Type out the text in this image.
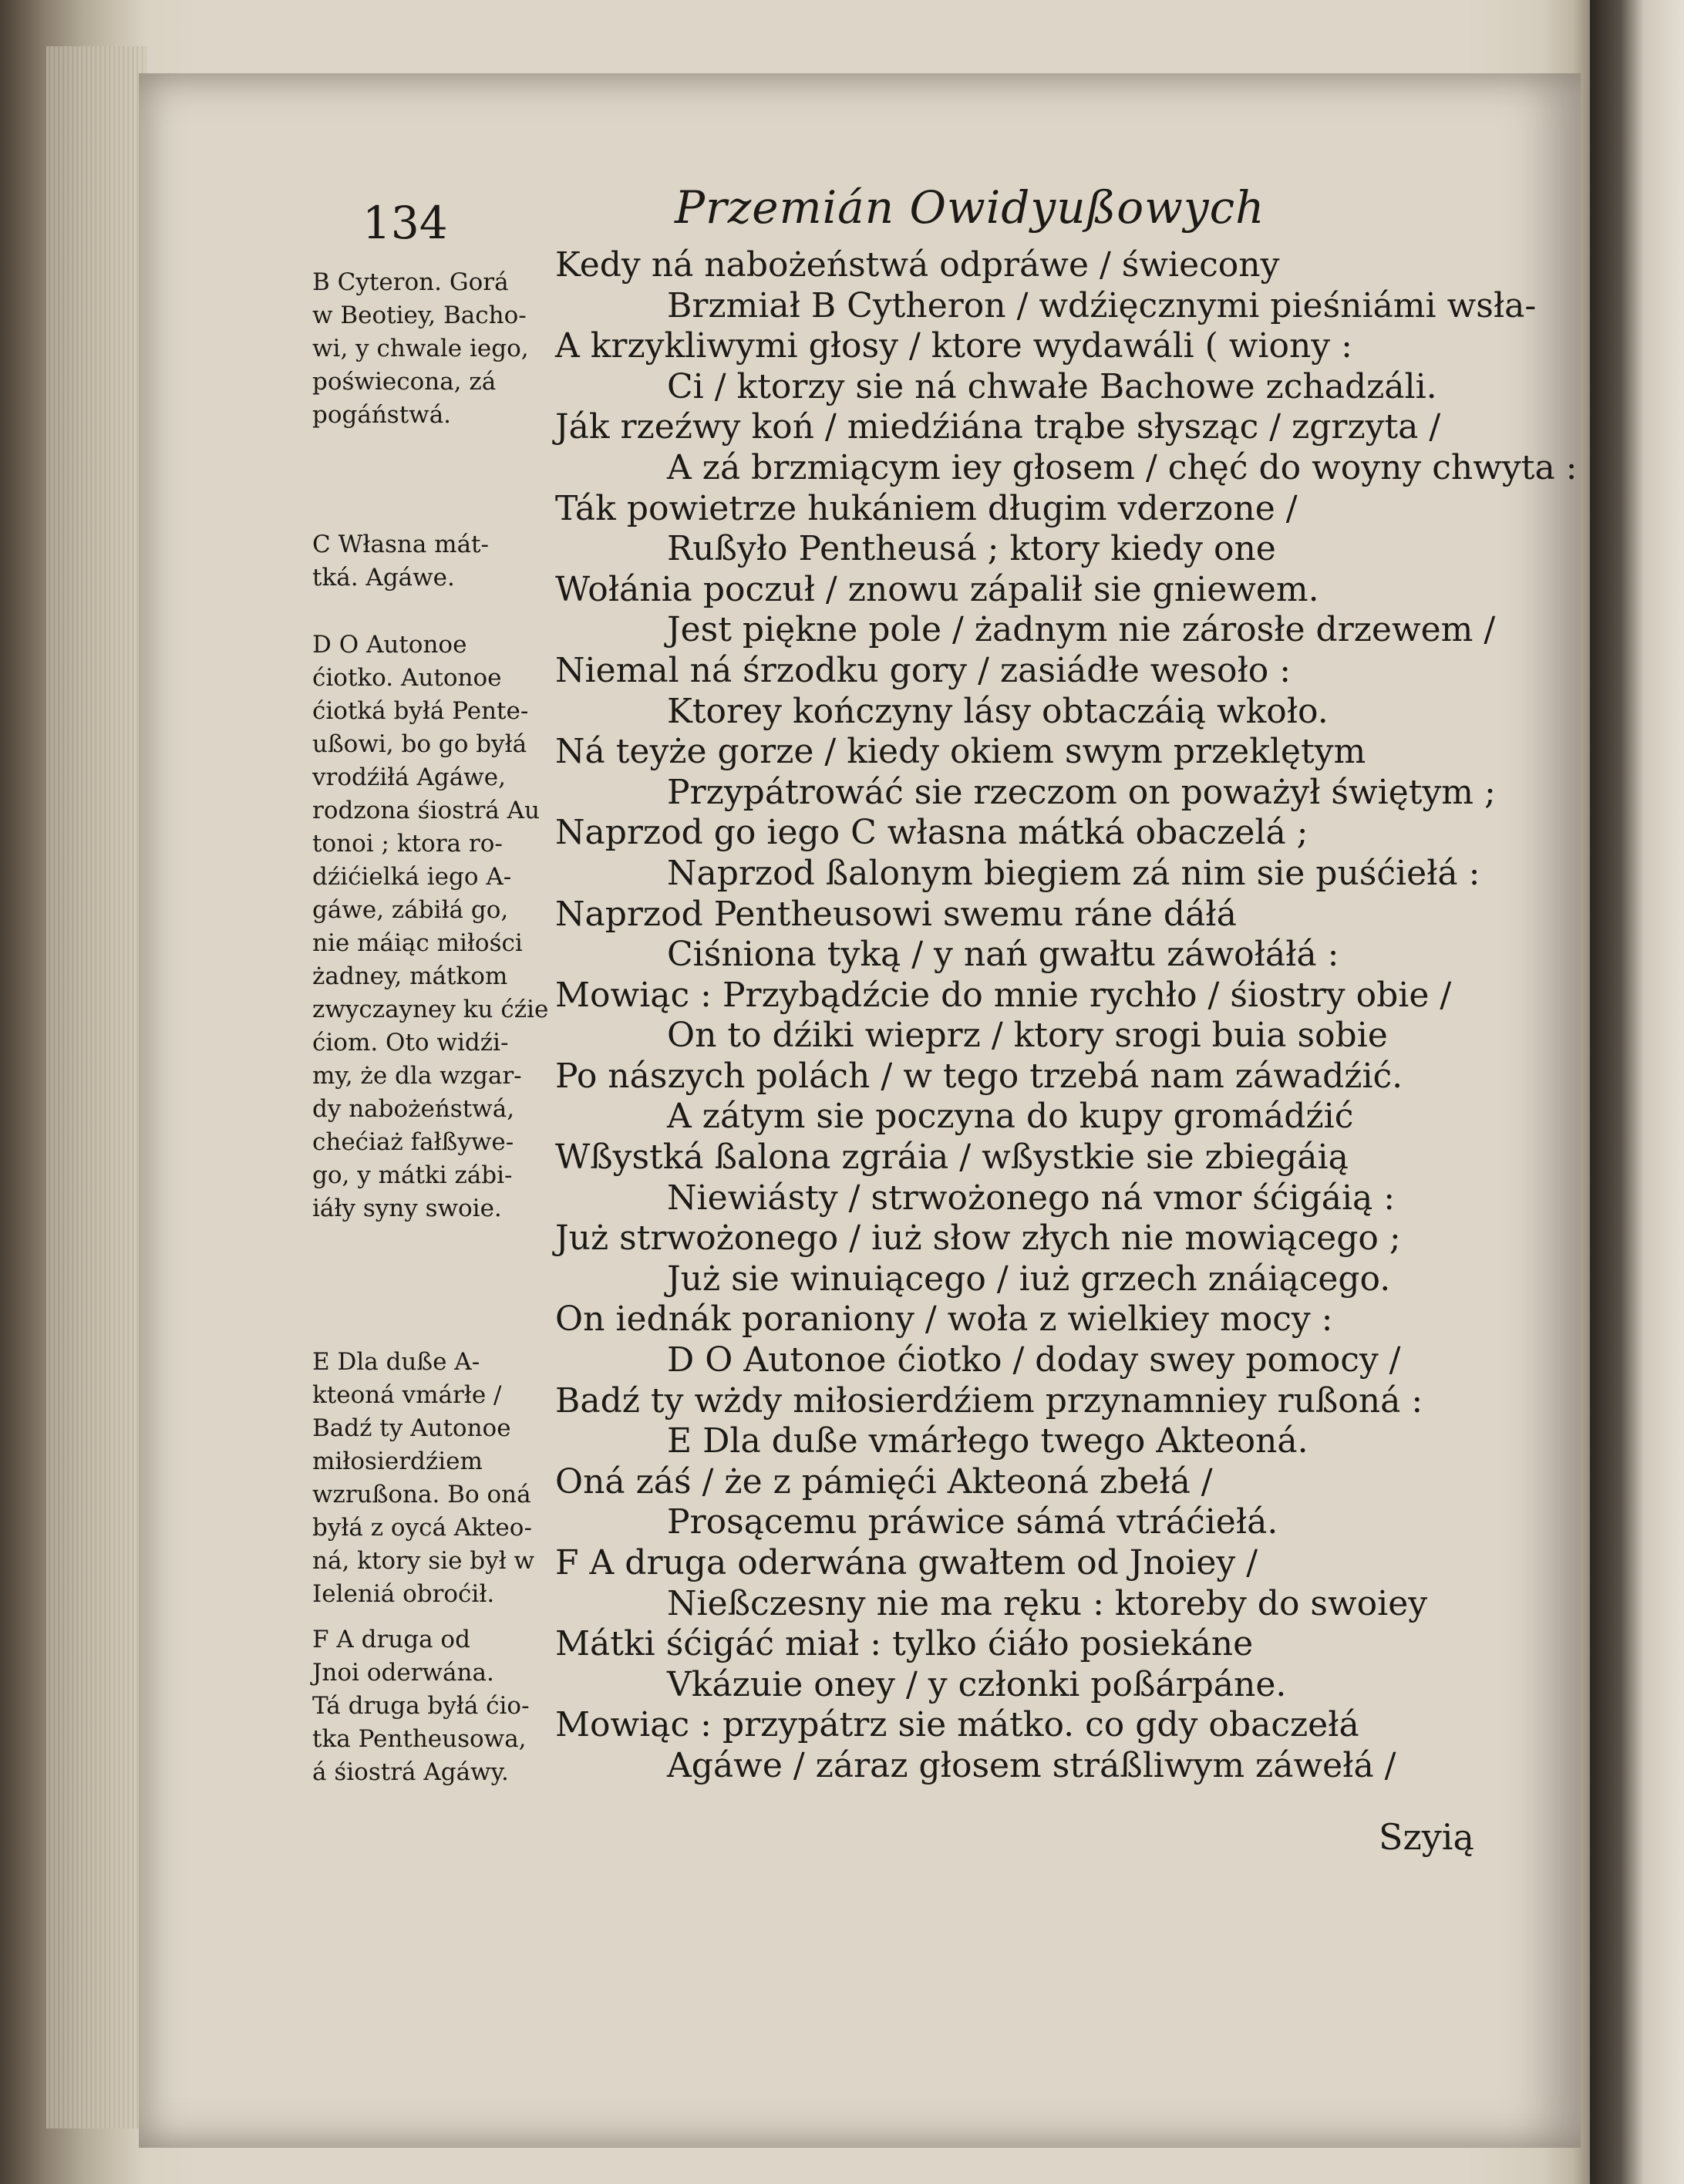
134	Przemián Owidyußowych
B Cyteron. Gorá
w Beotiey, Bacho-
wi, y chwale iego,
poświecona, zá
pogáństwá.
C Własna mát-
tká. Agáwe.
D O Autonoe
ćiotko. Autonoe
ćiotká byłá Pente-
ußowi, bo go byłá
vrodźiłá Agáwe,
rodzona śiostrá Au
tonoi ; ktora ro-
dźićielká iego A-
gáwe, zábiłá go,
nie máiąc miłości
żadney, mátkom
zwyczayney ku ćźie
ćiom. Oto widźi-
my, że dla wzgar-
dy nabożeństwá,
chećiaż fałßywe-
go, y mátki zábi-
iáły syny swoie.
E Dla duße A-
kteoná vmárłe /
Badź ty Autonoe
miłosierdźiem
wzrußona. Bo oná
byłá z oycá Akteo-
ná, ktory sie był w
Ieleniá obroćił.
F A druga od
Jnoi oderwána.
Tá druga byłá ćio-
tka Pentheusowa,
á śiostrá Agáwy.
Kedy ná nabożeństwá odpráwe / świecony
Brzmiał B Cytheron / wdźięcznymi pieśniámi wsła-
A krzykliwymi głosy / ktore wydawáli ( wiony :
Ci / ktorzy sie ná chwałe Bachowe zchadzáli.
Ják rzeźwy koń / miedźiána trąbe słysząc / zgrzyta /
A zá brzmiącym iey głosem / chęć do woyny chwyta :
Ták powietrze hukániem długim vderzone /
Rußyło Pentheusá ; ktory kiedy one
Wołánia poczuł / znowu zápalił sie gniewem.
Jest piękne pole / żadnym nie zárosłe drzewem /
Niemal ná śrzodku gory / zasiádłe wesoło :
Ktorey kończyny lásy obtaczáią wkoło.
Ná teyże gorze / kiedy okiem swym przeklętym
Przypátrowáć sie rzeczom on poważył świętym ;
Naprzod go iego C własna mátká obaczelá ;
Naprzod ßalonym biegiem zá nim sie puśćiełá :
Naprzod Pentheusowi swemu ráne dáłá
Ciśniona tyką / y nań gwałtu záwołáłá :
Mowiąc : Przybądźcie do mnie rychło / śiostry obie /
On to dźiki wieprz / ktory srogi buia sobie
Po nászych polách / w tego trzebá nam záwadźić.
A zátym sie poczyna do kupy gromádźić
Wßystká ßalona zgráia / wßystkie sie zbiegáią
Niewiásty / strwożonego ná vmor śćigáią :
Już strwożonego / iuż słow złych nie mowiącego ;
Już sie winuiącego / iuż grzech znáiącego.
On iednák poraniony / woła z wielkiey mocy :
D O Autonoe ćiotko / doday swey pomocy /
Badź ty wżdy miłosierdźiem przynamniey rußoná :
E Dla duße vmárłego twego Akteoná.
Oná záś / że z pámięći Akteoná zbełá /
Prosącemu práwice sámá vtráćiełá.
F A druga oderwána gwałtem od Jnoiey /
Nießczesny nie ma ręku : ktoreby do swoiey
Mátki śćigáć miał : tylko ćiáło posiekáne
Vkázuie oney / y członki poßárpáne.
Mowiąc : przypátrz sie mátko. co gdy obaczełá
Agáwe / záraz głosem stráßliwym záwełá /
Szyią
